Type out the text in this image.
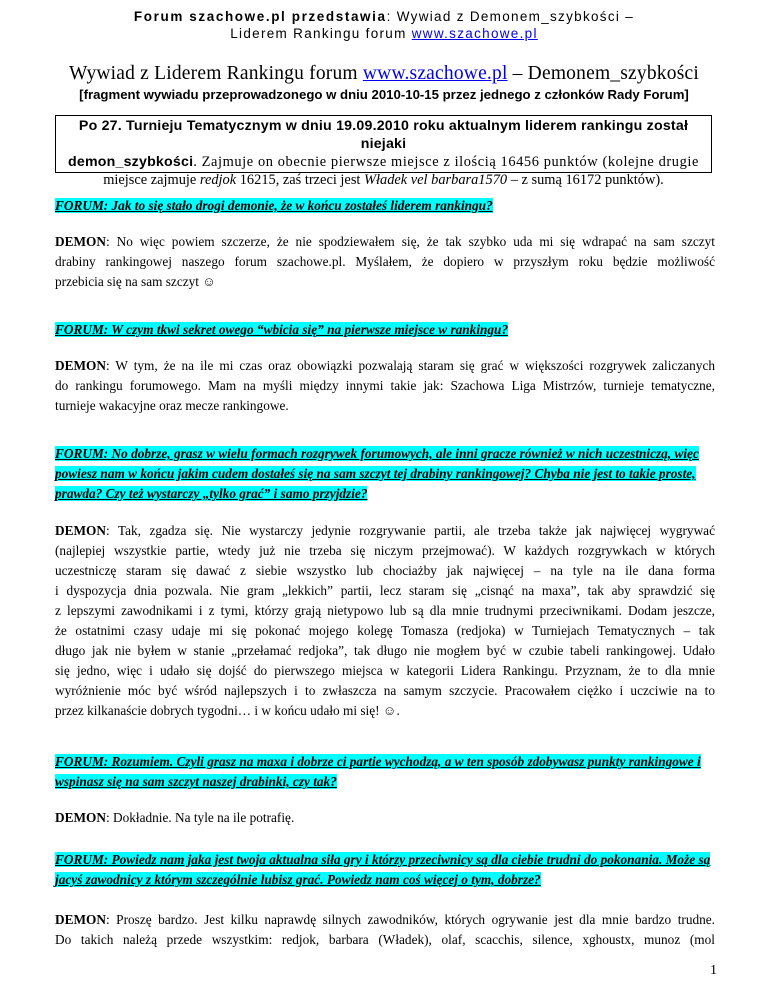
Forum szachowe.pl przedstawia: Wywiad z Demonem_szybkości –
Liderem Rankingu forum www.szachowe.pl
Wywiad z Liderem Rankingu forum www.szachowe.pl – Demonem_szybkości
[fragment wywiadu przeprowadzonego w dniu 2010-10-15 przez jednego z członków Rady Forum]
Po 27. Turnieju Tematycznym w dniu 19.09.2010 roku aktualnym liderem rankingu został niejaki
demon_szybkości. Zajmuje on obecnie pierwsze miejsce z ilością 16456 punktów (kolejne drugie
miejsce zajmuje redjok 16215, zaś trzeci jest Władek vel barbara1570 – z sumą 16172 punktów).
FORUM: Jak to się stało drogi demonie, że w końcu zostałeś liderem rankingu?
DEMON: No więc powiem szczerze, że nie spodziewałem się, że tak szybko uda mi się wdrapać na sam szczyt
drabiny rankingowej naszego forum szachowe.pl. Myślałem, że dopiero w przyszłym roku będzie możliwość
przebicia się na sam szczyt ☺
FORUM: W czym tkwi sekret owego “wbicia się” na pierwsze miejsce w rankingu?
DEMON: W tym, że na ile mi czas oraz obowiązki pozwalają staram się grać w większości rozgrywek zaliczanych
do rankingu forumowego. Mam na myśli między innymi takie jak: Szachowa Liga Mistrzów, turnieje tematyczne,
turnieje wakacyjne oraz mecze rankingowe.
FORUM: No dobrze, grasz w wielu formach rozgrywek forumowych, ale inni gracze również w nich uczestniczą, więc powiesz nam w końcu jakim cudem dostałeś się na sam szczyt tej drabiny rankingowej? Chyba nie jest to takie proste, prawda? Czy też wystarczy „tylko grać” i samo przyjdzie?
DEMON: Tak, zgadza się. Nie wystarczy jedynie rozgrywanie partii, ale trzeba także jak najwięcej wygrywać
(najlepiej wszystkie partie, wtedy już nie trzeba się niczym przejmować). W każdych rozgrywkach w których
uczestniczę staram się dawać z siebie wszystko lub chociażby jak najwięcej – na tyle na ile dana forma
i dyspozycja dnia pozwala. Nie gram „lekkich” partii, lecz staram się „cisnąć na maxa”, tak aby sprawdzić się
z lepszymi zawodnikami i z tymi, którzy grają nietypowo lub są dla mnie trudnymi przeciwnikami. Dodam jeszcze,
że ostatnimi czasy udaje mi się pokonać mojego kolegę Tomasza (redjoka) w Turniejach Tematycznych – tak
długo jak nie byłem w stanie „przełamać redjoka”, tak długo nie mogłem być w czubie tabeli rankingowej. Udało
się jedno, więc i udało się dojść do pierwszego miejsca w kategorii Lidera Rankingu. Przyznam, że to dla mnie
wyróżnienie móc być wśród najlepszych i to zwłaszcza na samym szczycie. Pracowałem ciężko i uczciwie na to
przez kilkanaście dobrych tygodni… i w końcu udało mi się! ☺.
FORUM: Rozumiem. Czyli grasz na maxa i dobrze ci partie wychodzą, a w ten sposób zdobywasz punkty rankingowe i wspinasz się na sam szczyt naszej drabinki, czy tak?
DEMON: Dokładnie. Na tyle na ile potrafię.
FORUM: Powiedz nam jaka jest twoja aktualna siła gry i którzy przeciwnicy są dla ciebie trudni do pokonania. Może są jacyś zawodnicy z którym szczególnie lubisz grać. Powiedz nam coś więcej o tym, dobrze?
DEMON: Proszę bardzo. Jest kilku naprawdę silnych zawodników, których ogrywanie jest dla mnie bardzo trudne.
Do takich należą przede wszystkim: redjok, barbara (Władek), olaf, scacchis, silence, xghoustx, munoz (mol
1
